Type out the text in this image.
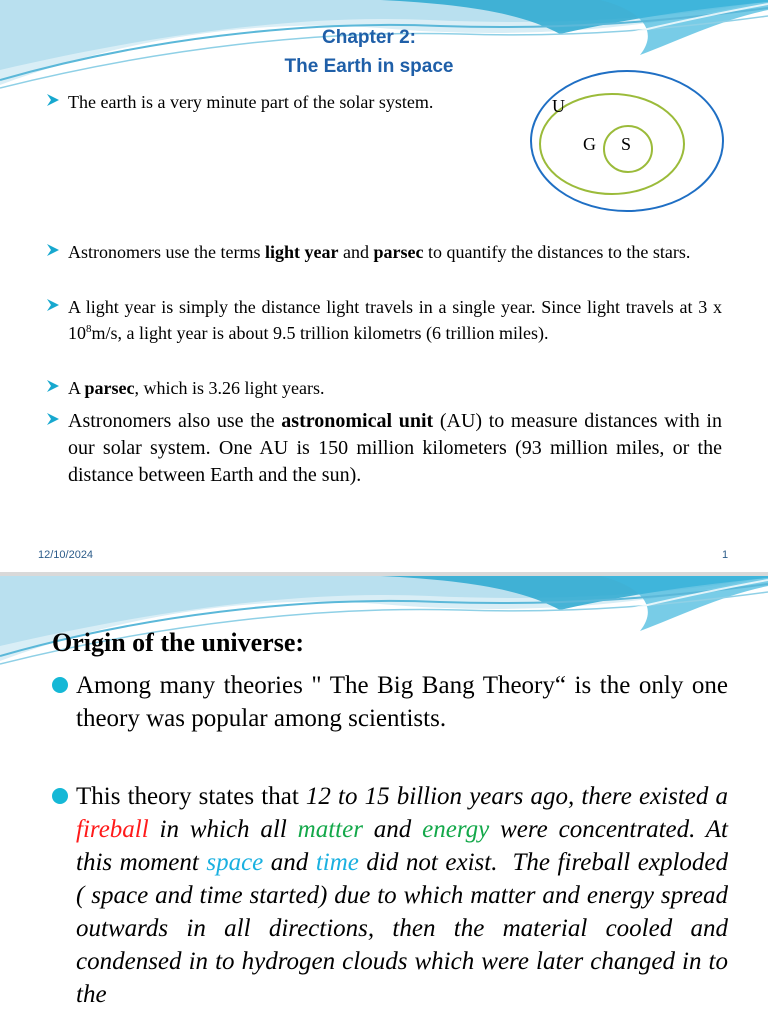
Chapter 2:
The Earth in space
The earth is a very minute part of the solar system.	U
G S
Astronomers use the terms light year and parsec to quantify the distances to the stars.
A light year is simply the distance light travels in a single year. Since light travels at 3 x $10^8m/s$, a light year is about 9.5 trillion kilometrs (6 trillion miles).
A parsec, which is 3.26 light years.
Astronomers also use the astronomical unit (AU) to measure distances with in our solar system. One AU is 150 million kilometers (93 million miles, or the distance between Earth and the sun).
12/10/2024	1
Origin of the universe:
Among many theories " The Big Bang Theory“ is the only one theory was popular among scientists.
This theory states that 12 to 15 billion years ago, there existed a fireball in which all matter and energy were concentrated. At this moment space and time did not exist.  The fireball exploded ( space and time started) due to which matter and energy spread outwards in all directions, then the material cooled and condensed in to hydrogen clouds which were later changed in to the
